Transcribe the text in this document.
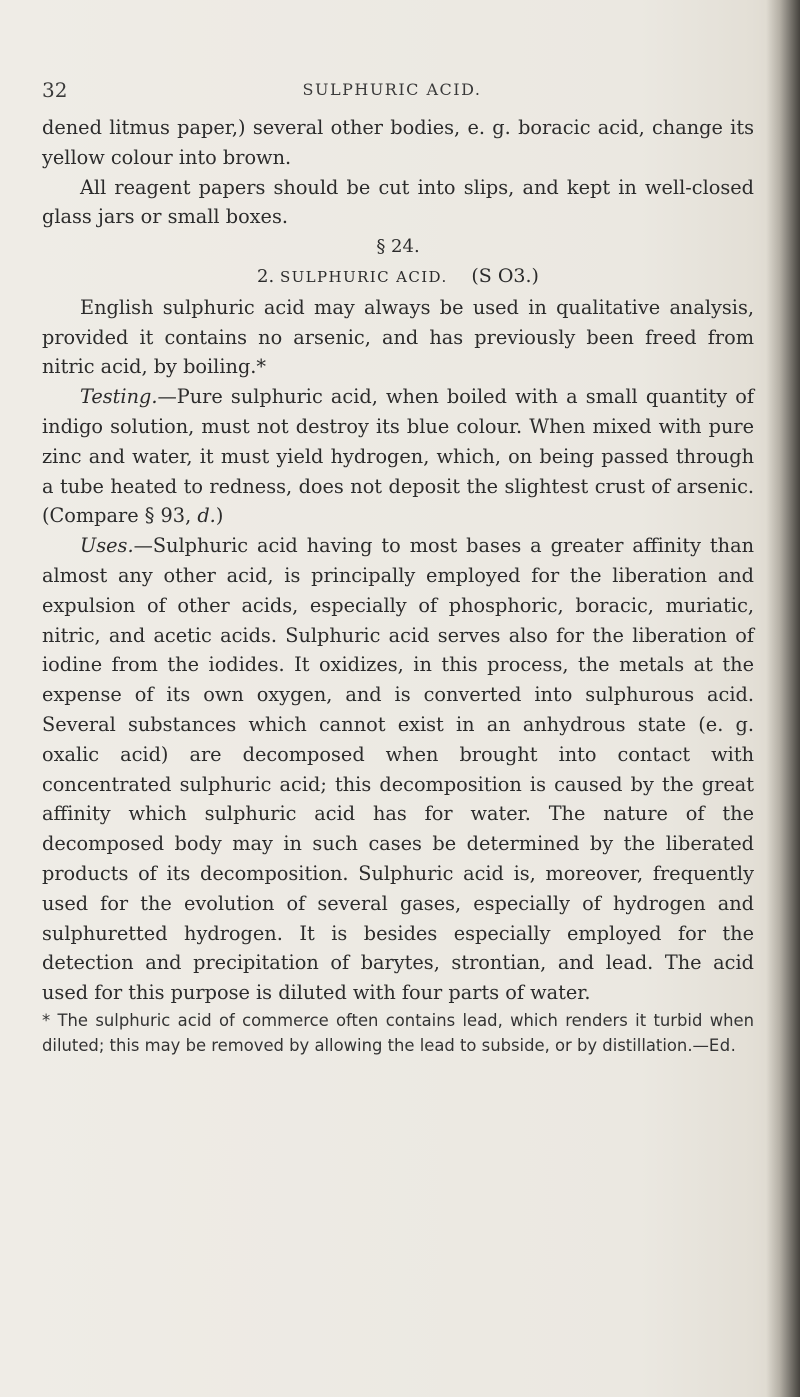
32	SULPHURIC ACID.

dened litmus paper,) several other bodies, e. g. boracic acid, change its yellow colour into brown.

All reagent papers should be cut into slips, and kept in well-closed glass jars or small boxes.

§ 24.

2. SULPHURIC ACID. (S O3.)

English sulphuric acid may always be used in qualitative analysis, provided it contains no arsenic, and has previously been freed from nitric acid, by boiling.*

Testing.—Pure sulphuric acid, when boiled with a small quantity of indigo solution, must not destroy its blue colour. When mixed with pure zinc and water, it must yield hydrogen, which, on being passed through a tube heated to redness, does not deposit the slightest crust of arsenic. (Compare § 93, d.)

Uses.—Sulphuric acid having to most bases a greater affinity than almost any other acid, is principally employed for the liberation and expulsion of other acids, especially of phosphoric, boracic, muriatic, nitric, and acetic acids. Sulphuric acid serves also for the liberation of iodine from the iodides. It oxidizes, in this process, the metals at the expense of its own oxygen, and is converted into sulphurous acid. Several substances which cannot exist in an anhydrous state (e. g. oxalic acid) are decomposed when brought into contact with concentrated sulphuric acid; this decomposition is caused by the great affinity which sulphuric acid has for water. The nature of the decomposed body may in such cases be determined by the liberated products of its decomposition. Sulphuric acid is, moreover, frequently used for the evolution of several gases, especially of hydrogen and sulphuretted hydrogen. It is besides especially employed for the detection and precipitation of barytes, strontian, and lead. The acid used for this purpose is diluted with four parts of water.

* The sulphuric acid of commerce often contains lead, which renders it turbid when diluted; this may be removed by allowing the lead to subside, or by distillation.—Ed.
